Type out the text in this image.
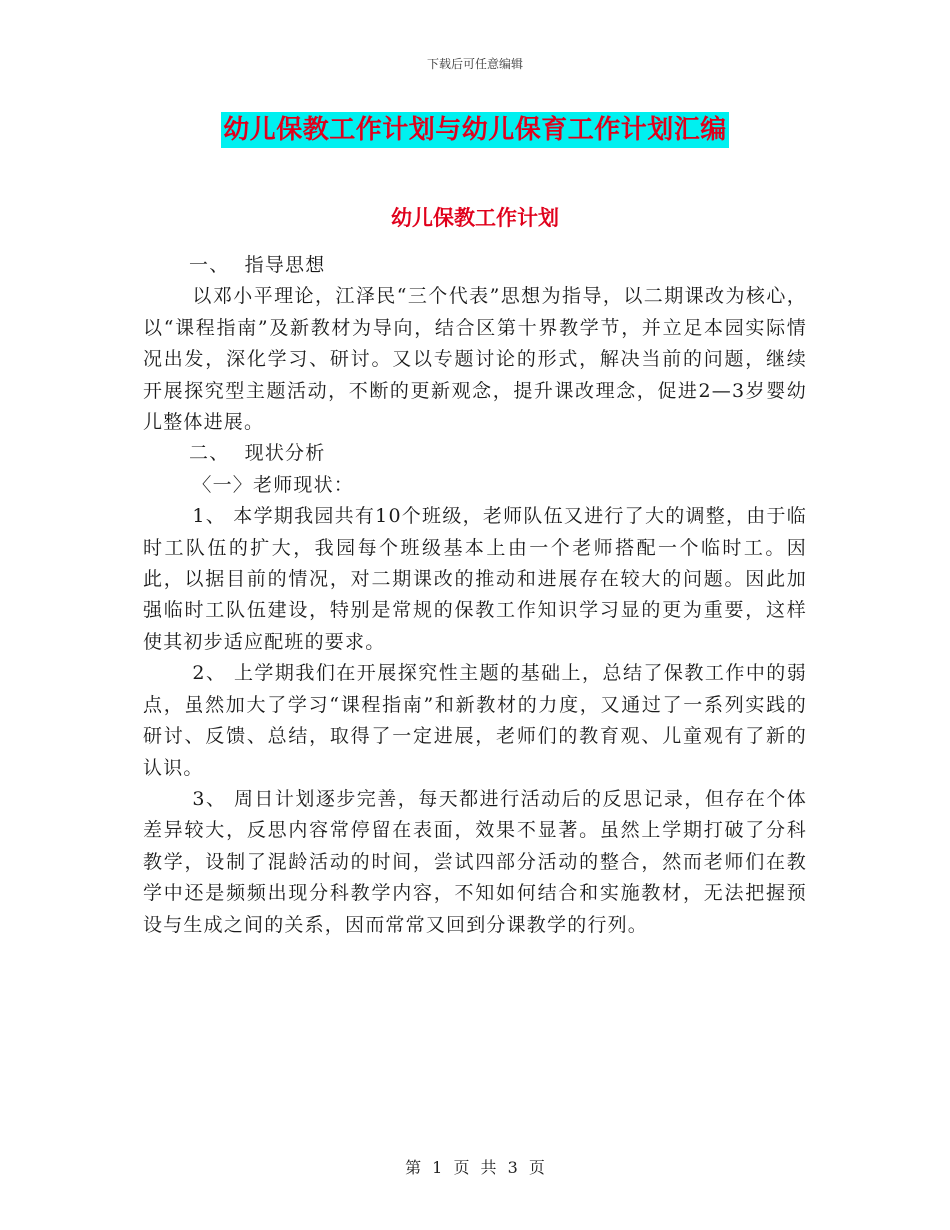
下载后可任意编辑
幼儿保教工作计划与幼儿保育工作计划汇编
幼儿保教工作计划

一、 指导思想

以邓小平理论，江泽民“三个代表”思想为指导，以二期课改为核心，以“课程指南”及新教材为导向，结合区第十界教学节，并立足本园实际情况出发，深化学习、研讨。又以专题讨论的形式，解决当前的问题，继续开展探究型主题活动，不断的更新观念，提升课改理念，促进2—3岁婴幼儿整体进展。

二、 现状分析

〈一〉老师现状：

1、 本学期我园共有10个班级，老师队伍又进行了大的调整，由于临时工队伍的扩大，我园每个班级基本上由一个老师搭配一个临时工。因此，以据目前的情况，对二期课改的推动和进展存在较大的问题。因此加强临时工队伍建设，特别是常规的保教工作知识学习显的更为重要，这样使其初步适应配班的要求。

2、 上学期我们在开展探究性主题的基础上，总结了保教工作中的弱点，虽然加大了学习“课程指南”和新教材的力度，又通过了一系列实践的研讨、反馈、总结，取得了一定进展，老师们的教育观、儿童观有了新的认识。

3、 周日计划逐步完善，每天都进行活动后的反思记录，但存在个体差异较大，反思内容常停留在表面，效果不显著。虽然上学期打破了分科教学，设制了混龄活动的时间，尝试四部分活动的整合，然而老师们在教学中还是频频出现分科教学内容，不知如何结合和实施教材，无法把握预设与生成之间的关系，因而常常又回到分课教学的行列。

第 1 页 共 3 页
